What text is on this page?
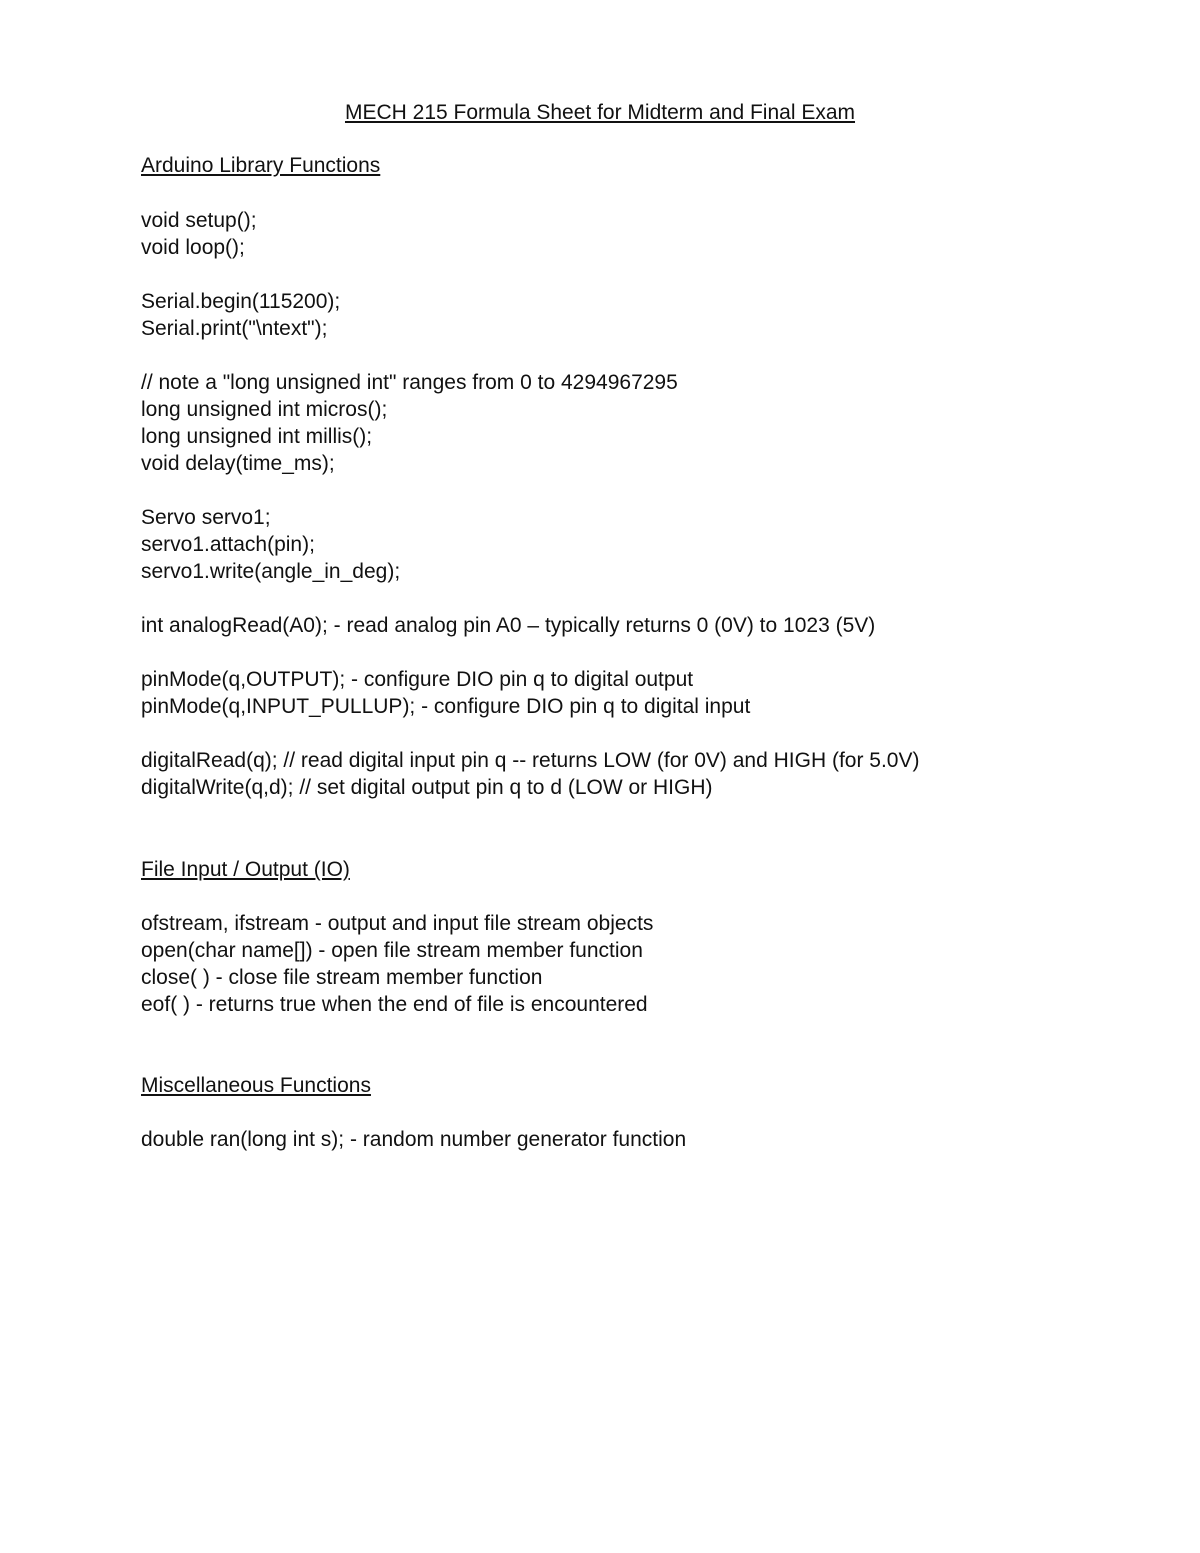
MECH 215 Formula Sheet for Midterm and Final Exam
Arduino Library Functions
void setup();
void loop();
Serial.begin(115200);
Serial.print("\ntext");
// note a "long unsigned int" ranges from 0 to 4294967295
long unsigned int micros();
long unsigned int millis();
void delay(time_ms);
Servo servo1;
servo1.attach(pin);
servo1.write(angle_in_deg);
int analogRead(A0); - read analog pin A0 – typically returns 0 (0V) to 1023 (5V)
pinMode(q,OUTPUT); - configure DIO pin q to digital output
pinMode(q,INPUT_PULLUP); - configure DIO pin q to digital input
digitalRead(q); // read digital input pin q -- returns LOW (for 0V) and HIGH (for 5.0V)
digitalWrite(q,d); // set digital output pin q to d (LOW or HIGH)
File Input / Output (IO)
ofstream, ifstream - output and input file stream objects
open(char name[]) - open file stream member function
close( ) - close file stream member function
eof( ) - returns true when the end of file is encountered
Miscellaneous Functions
double ran(long int s); - random number generator function
